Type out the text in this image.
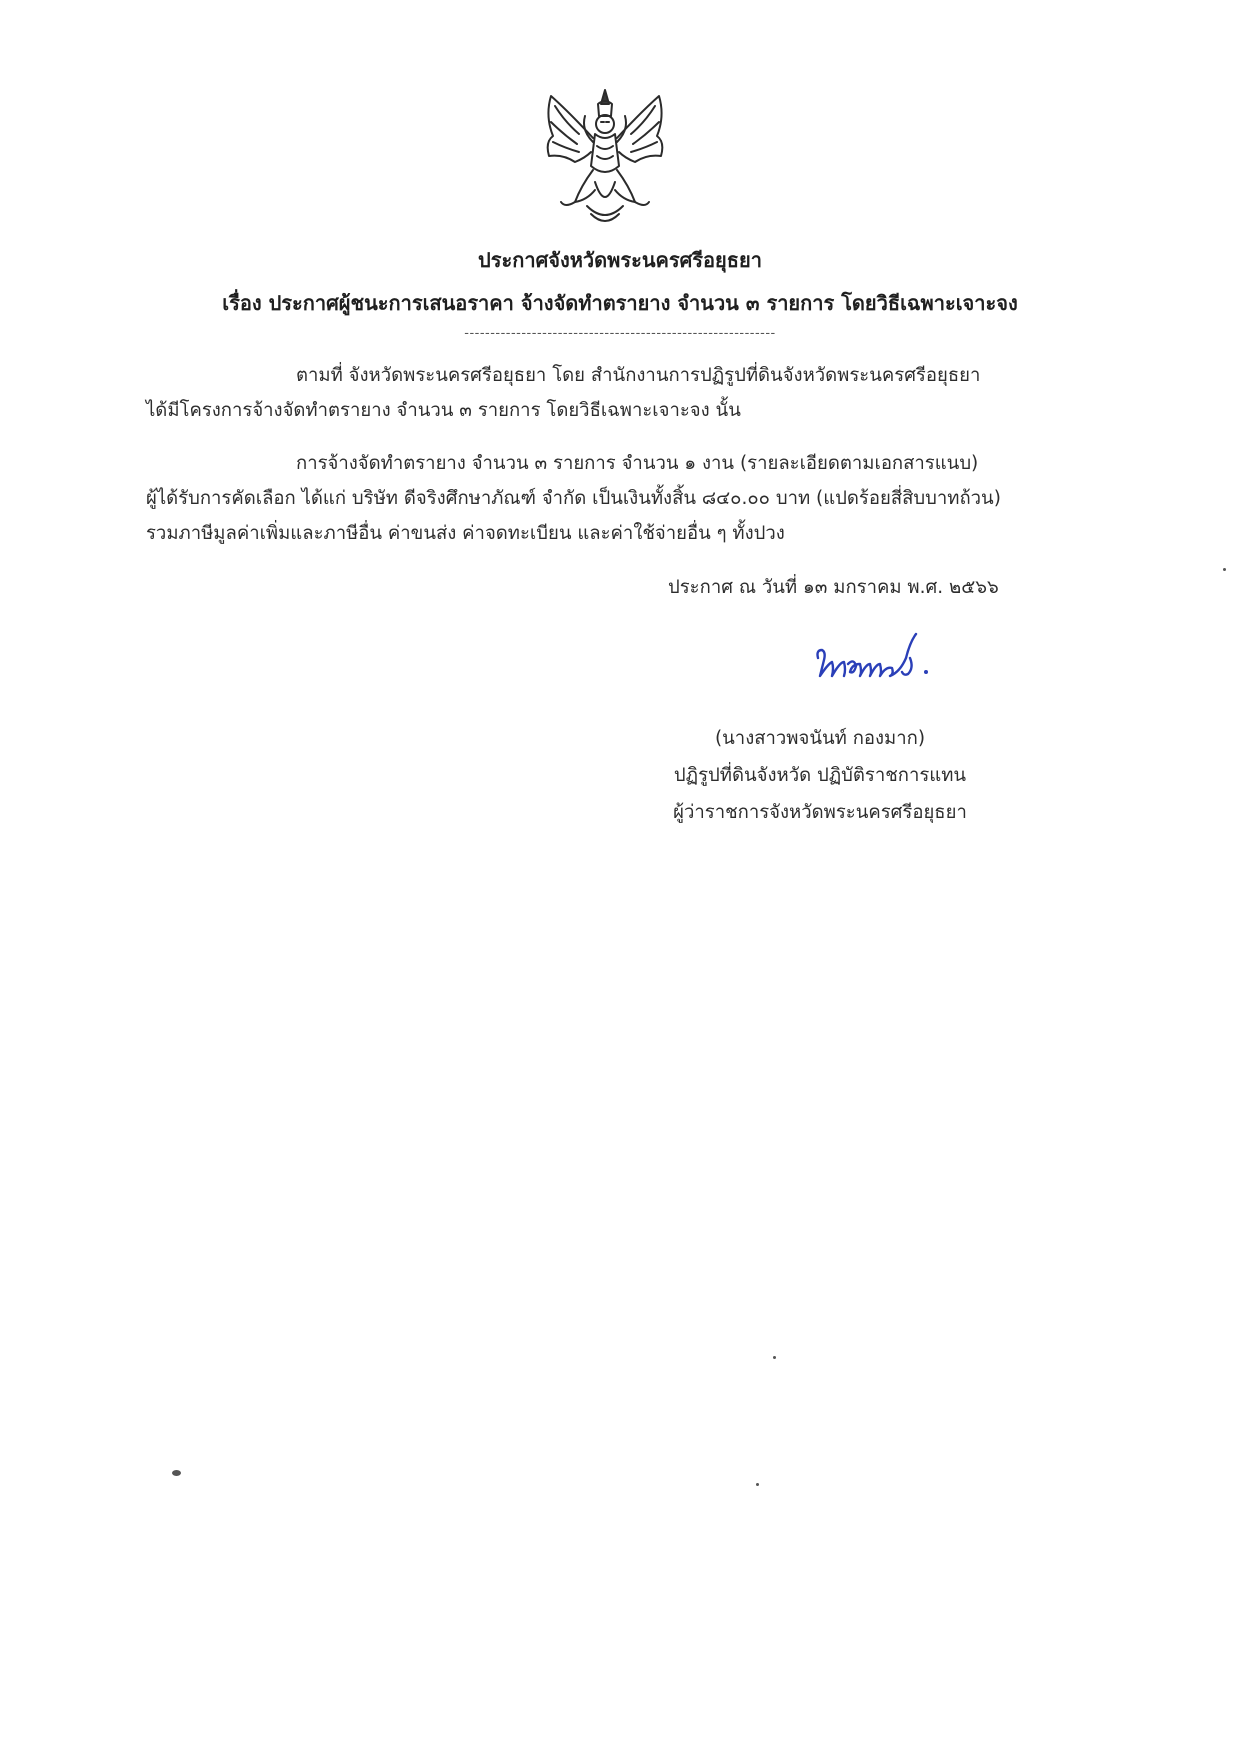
ประกาศจังหวัดพระนครศรีอยุธยา
เรื่อง ประกาศผู้ชนะการเสนอราคา จ้างจัดทำตรายาง จำนวน ๓ รายการ โดยวิธีเฉพาะเจาะจง
------------------------------------------------------------
ตามที่ จังหวัดพระนครศรีอยุธยา โดย สำนักงานการปฏิรูปที่ดินจังหวัดพระนครศรีอยุธยา
ได้มีโครงการจ้างจัดทำตรายาง จำนวน ๓ รายการ โดยวิธีเฉพาะเจาะจง นั้น
การจ้างจัดทำตรายาง จำนวน ๓ รายการ จำนวน ๑ งาน (รายละเอียดตามเอกสารแนบ)
ผู้ได้รับการคัดเลือก ได้แก่ บริษัท ดีจริงศึกษาภัณฑ์ จำกัด เป็นเงินทั้งสิ้น ๘๔๐.๐๐ บาท (แปดร้อยสี่สิบบาทถ้วน)
รวมภาษีมูลค่าเพิ่มและภาษีอื่น ค่าขนส่ง ค่าจดทะเบียน และค่าใช้จ่ายอื่น ๆ ทั้งปวง
ประกาศ ณ วันที่ ๑๓ มกราคม พ.ศ. ๒๕๖๖
(นางสาวพจนันท์ กองมาก)
ปฏิรูปที่ดินจังหวัด ปฏิบัติราชการแทน
ผู้ว่าราชการจังหวัดพระนครศรีอยุธยา
